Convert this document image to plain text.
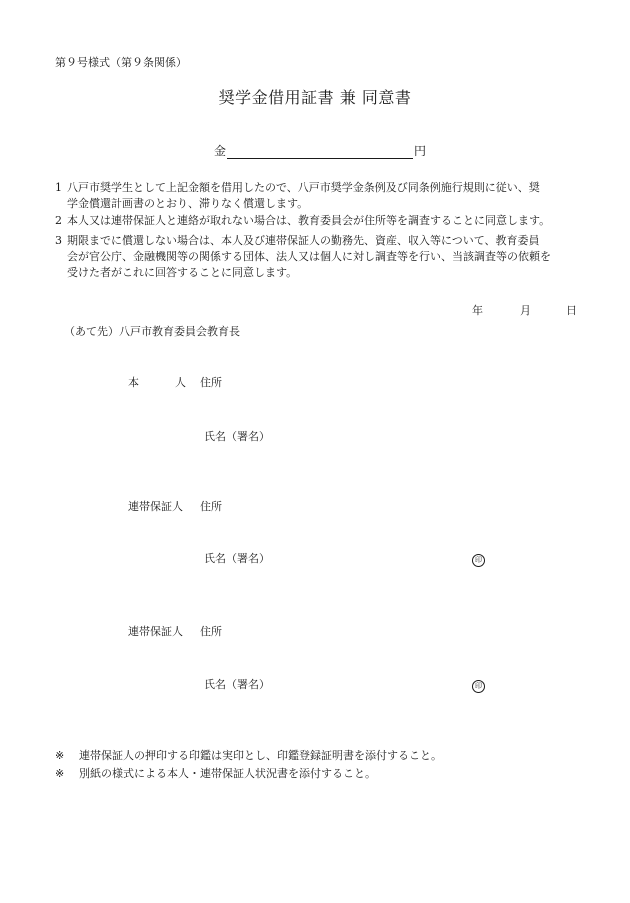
第９号様式（第９条関係）
奨学金借用証書 兼 同意書
金	円
1 八戸市奨学生として上記金額を借用したので、八戸市奨学金条例及び同条例施行規則に従い、奨
学金償還計画書のとおり、滞りなく償還します。
2 本人又は連帯保証人と連絡が取れない場合は、教育委員会が住所等を調査することに同意します。
3 期限までに償還しない場合は、本人及び連帯保証人の勤務先、資産、収入等について、教育委員
会が官公庁、金融機関等の関係する団体、法人又は個人に対し調査等を行い、当該調査等の依頼を
受けた者がこれに回答することに同意します。
年	月	日
（あて先）八戸市教育委員会教育長
本	人 住所
氏名（署名）
連帯保証人 住所
氏名（署名）	印
連帯保証人 住所
氏名（署名）	印
※ 連帯保証人の押印する印鑑は実印とし、印鑑登録証明書を添付すること。
※ 別紙の様式による本人・連帯保証人状況書を添付すること。
